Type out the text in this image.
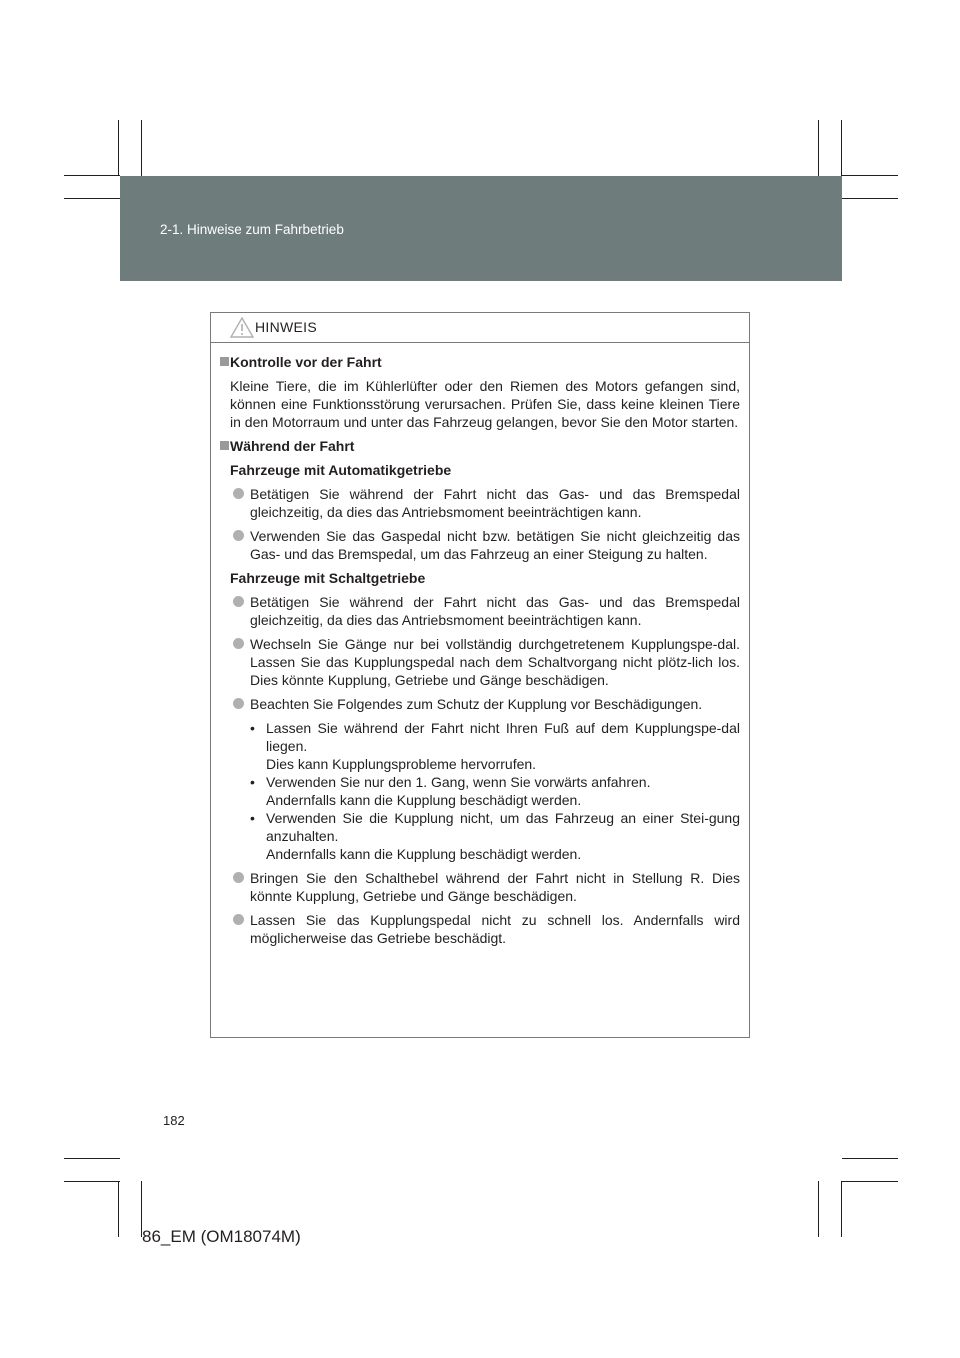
2-1. Hinweise zum Fahrbetrieb
HINWEIS
Kontrolle vor der Fahrt
Kleine Tiere, die im Kühlerlüfter oder den Riemen des Motors gefangen sind, können eine Funktionsstörung verursachen. Prüfen Sie, dass keine kleinen Tiere in den Motorraum und unter das Fahrzeug gelangen, bevor Sie den Motor starten.
Während der Fahrt
Fahrzeuge mit Automatikgetriebe
Betätigen Sie während der Fahrt nicht das Gas- und das Bremspedal gleichzeitig, da dies das Antriebsmoment beeinträchtigen kann.
Verwenden Sie das Gaspedal nicht bzw. betätigen Sie nicht gleichzeitig das Gas- und das Bremspedal, um das Fahrzeug an einer Steigung zu halten.
Fahrzeuge mit Schaltgetriebe
Betätigen Sie während der Fahrt nicht das Gas- und das Bremspedal gleichzeitig, da dies das Antriebsmoment beeinträchtigen kann.
Wechseln Sie Gänge nur bei vollständig durchgetretenem Kupplungspe-dal. Lassen Sie das Kupplungspedal nach dem Schaltvorgang nicht plötz-lich los. Dies könnte Kupplung, Getriebe und Gänge beschädigen.
Beachten Sie Folgendes zum Schutz der Kupplung vor Beschädigungen.
• Lassen Sie während der Fahrt nicht Ihren Fuß auf dem Kupplungspe-dal liegen.
Dies kann Kupplungsprobleme hervorrufen.
• Verwenden Sie nur den 1. Gang, wenn Sie vorwärts anfahren.
Andernfalls kann die Kupplung beschädigt werden.
• Verwenden Sie die Kupplung nicht, um das Fahrzeug an einer Stei-gung anzuhalten.
Andernfalls kann die Kupplung beschädigt werden.
Bringen Sie den Schalthebel während der Fahrt nicht in Stellung R. Dies könnte Kupplung, Getriebe und Gänge beschädigen.
Lassen Sie das Kupplungspedal nicht zu schnell los. Andernfalls wird möglicherweise das Getriebe beschädigt.
182
86_EM (OM18074M)
